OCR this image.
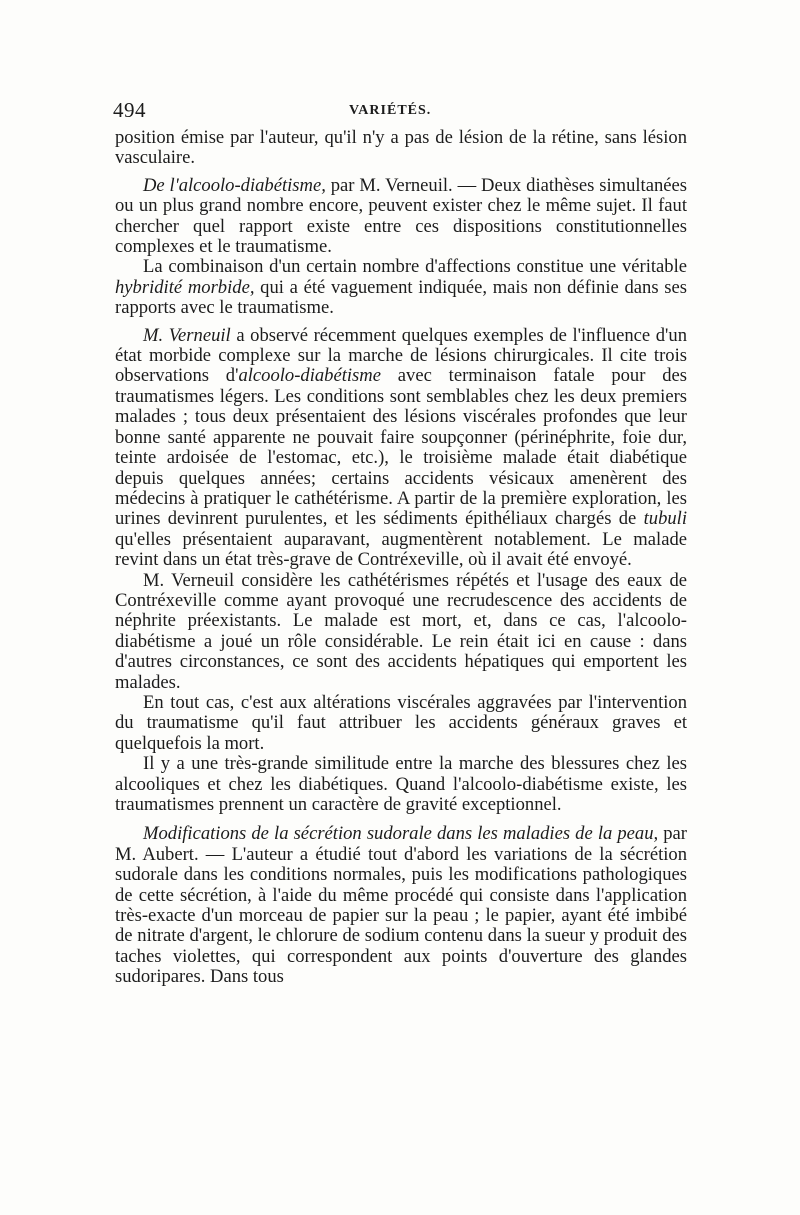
494	VARIÉTÉS.

position émise par l'auteur, qu'il n'y a pas de lésion de la rétine, sans lésion vasculaire.

De l'alcoolo-diabétisme, par M. Verneuil. — Deux diathèses simultanées ou un plus grand nombre encore, peuvent exister chez le même sujet. Il faut chercher quel rapport existe entre ces dispositions constitutionnelles complexes et le traumatisme.

La combinaison d'un certain nombre d'affections constitue une véritable hybridité morbide, qui a été vaguement indiquée, mais non définie dans ses rapports avec le traumatisme.

M. Verneuil a observé récemment quelques exemples de l'influence d'un état morbide complexe sur la marche de lésions chirurgicales. Il cite trois observations d'alcoolo-diabétisme avec terminaison fatale pour des traumatismes légers. Les conditions sont semblables chez les deux premiers malades ; tous deux présentaient des lésions viscérales profondes que leur bonne santé apparente ne pouvait faire soupçonner (périnéphrite, foie dur, teinte ardoisée de l'estomac, etc.), le troisième malade était diabétique depuis quelques années; certains accidents vésicaux amenèrent des médecins à pratiquer le cathétérisme. A partir de la première exploration, les urines devinrent purulentes, et les sédiments épithéliaux chargés de tubuli qu'elles présentaient auparavant, augmentèrent notablement. Le malade revint dans un état très-grave de Contréxeville, où il avait été envoyé.

M. Verneuil considère les cathétérismes répétés et l'usage des eaux de Contréxeville comme ayant provoqué une recrudescence des accidents de néphrite préexistants. Le malade est mort, et, dans ce cas, l'alcoolo-diabétisme a joué un rôle considérable. Le rein était ici en cause : dans d'autres circonstances, ce sont des accidents hépatiques qui emportent les malades.

En tout cas, c'est aux altérations viscérales aggravées par l'intervention du traumatisme qu'il faut attribuer les accidents généraux graves et quelquefois la mort.

Il y a une très-grande similitude entre la marche des blessures chez les alcooliques et chez les diabétiques. Quand l'alcoolo-diabétisme existe, les traumatismes prennent un caractère de gravité exceptionnel.

Modifications de la sécrétion sudorale dans les maladies de la peau, par M. Aubert. — L'auteur a étudié tout d'abord les variations de la sécrétion sudorale dans les conditions normales, puis les modifications pathologiques de cette sécrétion, à l'aide du même procédé qui consiste dans l'application très-exacte d'un morceau de papier sur la peau ; le papier, ayant été imbibé de nitrate d'argent, le chlorure de sodium contenu dans la sueur y produit des taches violettes, qui correspondent aux points d'ouverture des glandes sudoripares. Dans tous
